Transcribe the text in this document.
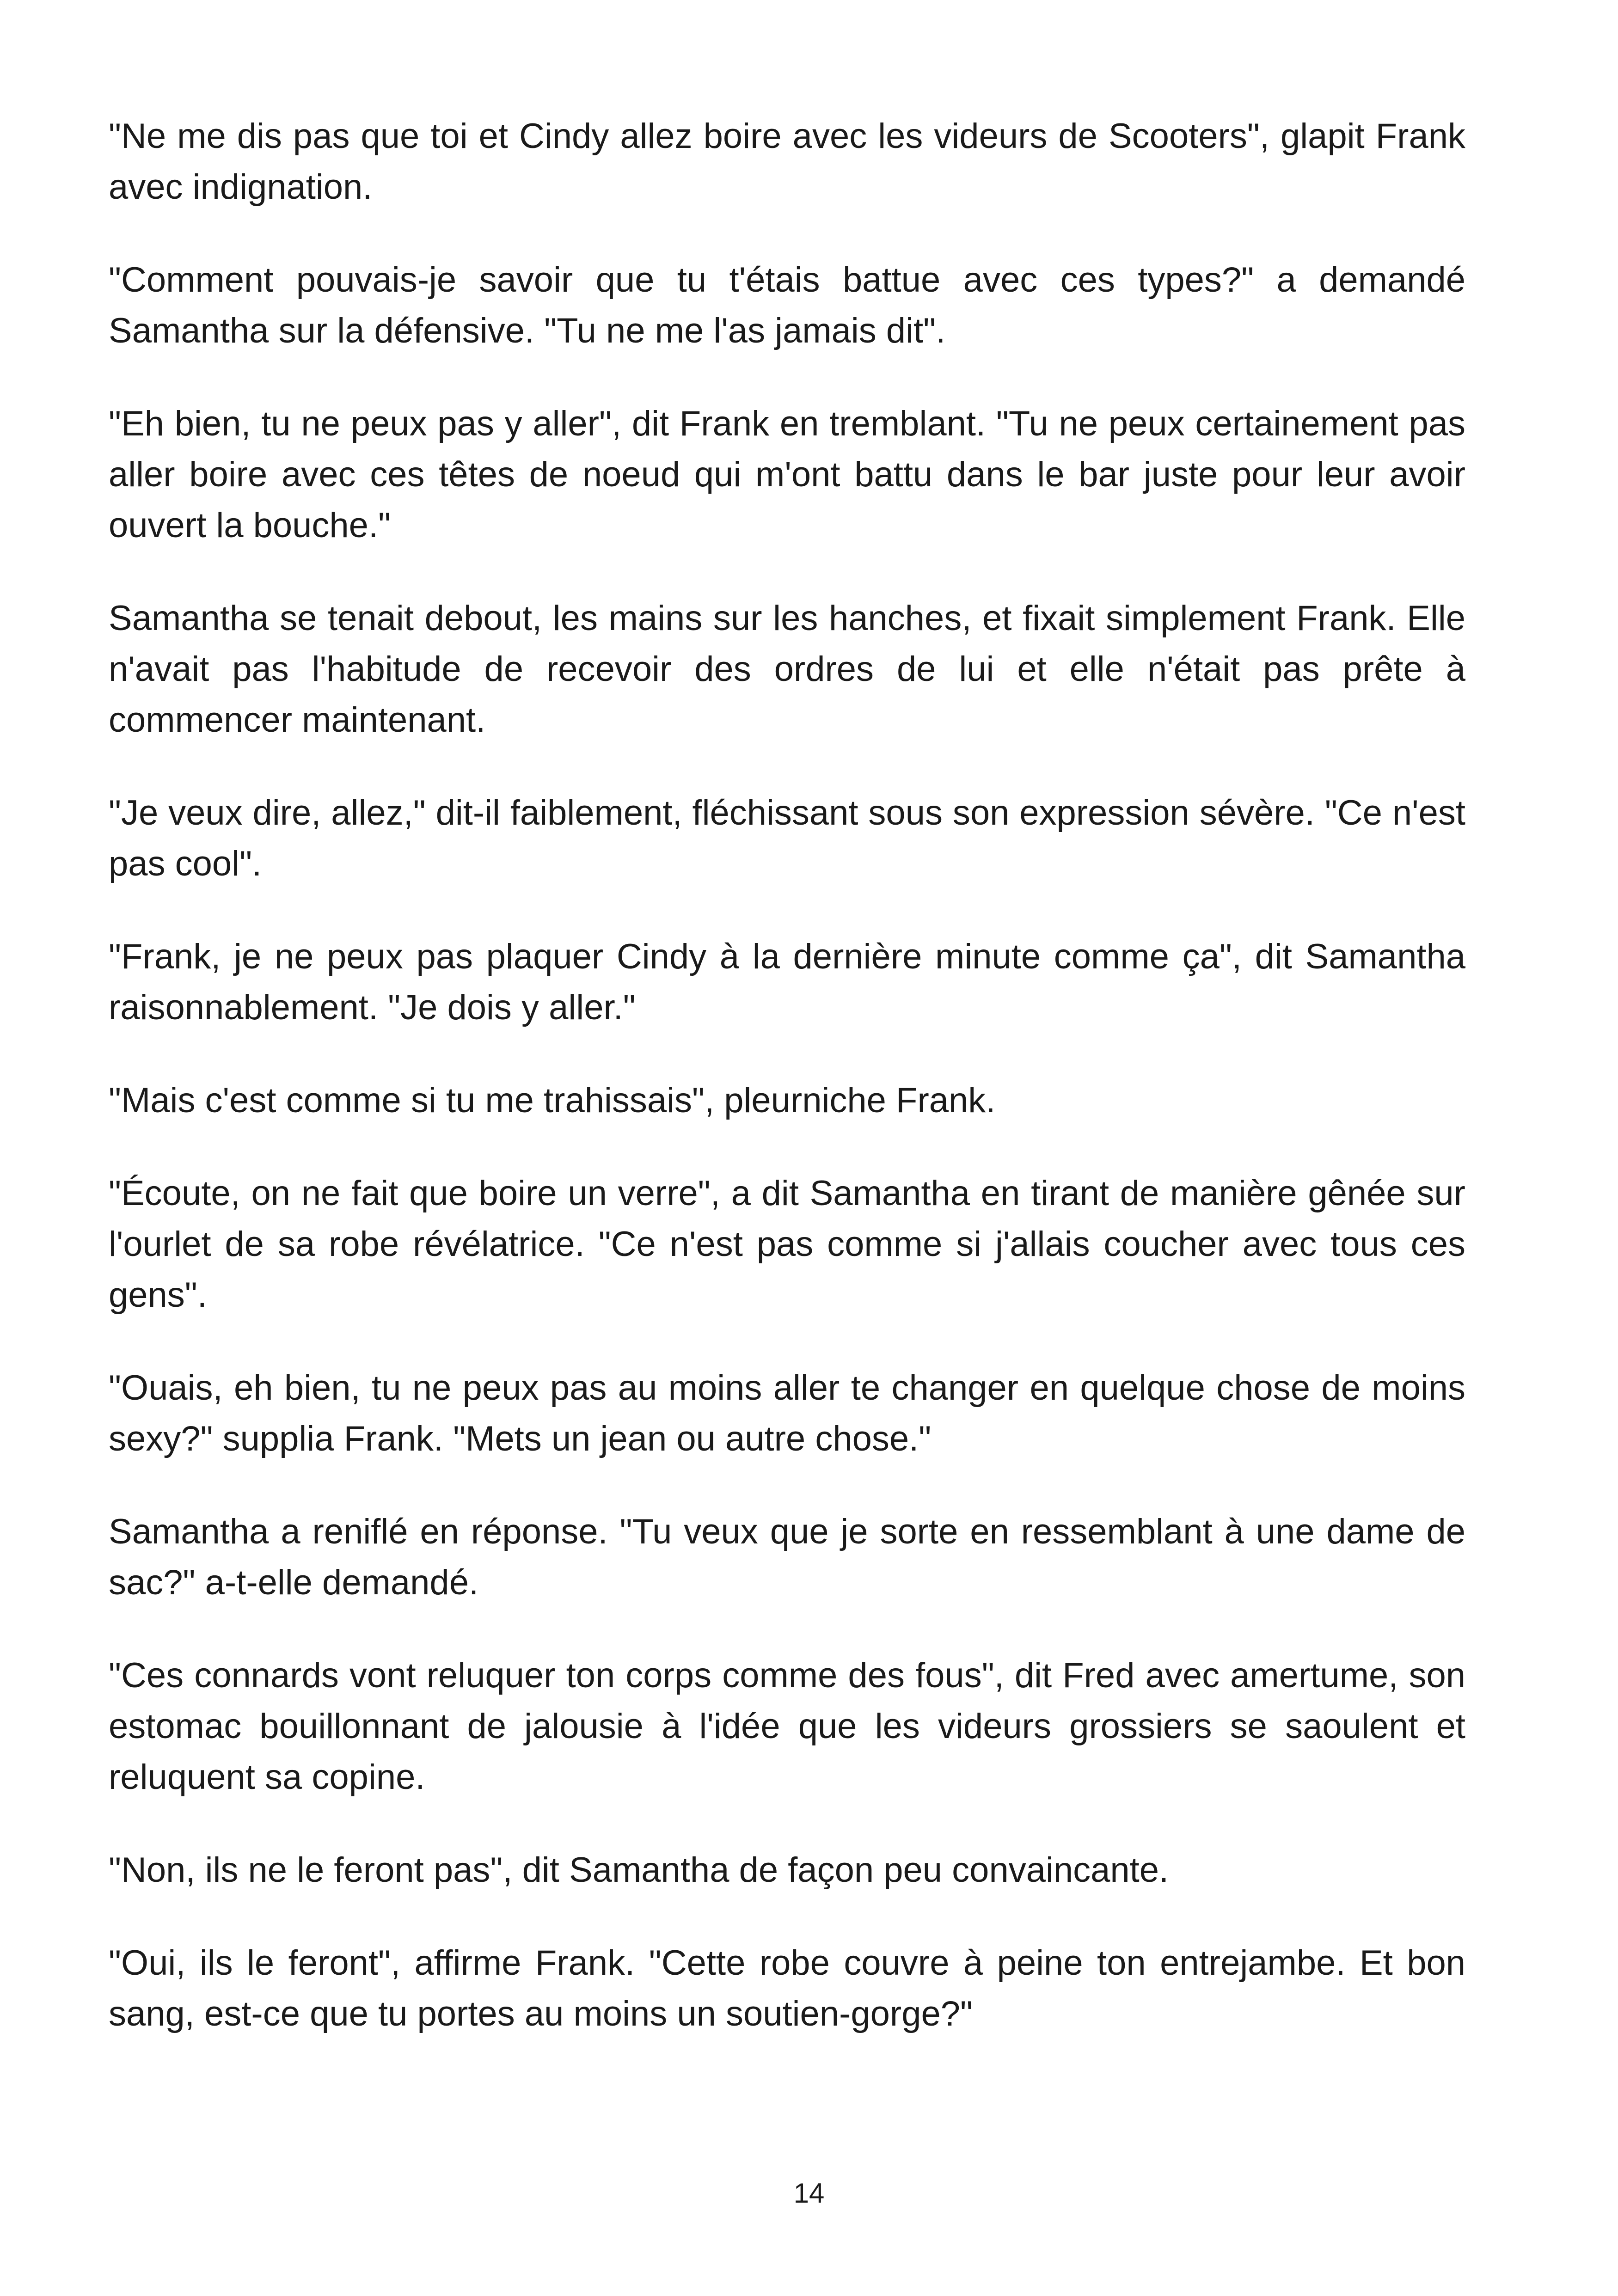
"Ne me dis pas que toi et Cindy allez boire avec les videurs de Scooters", glapit Frank avec indignation.

"Comment pouvais-je savoir que tu t'étais battue avec ces types?" a demandé Samantha sur la défensive. "Tu ne me l'as jamais dit".

"Eh bien, tu ne peux pas y aller", dit Frank en tremblant. "Tu ne peux certainement pas aller boire avec ces têtes de noeud qui m'ont battu dans le bar juste pour leur avoir ouvert la bouche."

Samantha se tenait debout, les mains sur les hanches, et fixait simplement Frank. Elle n'avait pas l'habitude de recevoir des ordres de lui et elle n'était pas prête à commencer maintenant.

"Je veux dire, allez," dit-il faiblement, fléchissant sous son expression sévère. "Ce n'est pas cool".

"Frank, je ne peux pas plaquer Cindy à la dernière minute comme ça", dit Samantha raisonnablement. "Je dois y aller."

"Mais c'est comme si tu me trahissais", pleurniche Frank.

"Écoute, on ne fait que boire un verre", a dit Samantha en tirant de manière gênée sur l'ourlet de sa robe révélatrice. "Ce n'est pas comme si j'allais coucher avec tous ces gens".

"Ouais, eh bien, tu ne peux pas au moins aller te changer en quelque chose de moins sexy?" supplia Frank. "Mets un jean ou autre chose."

Samantha a reniflé en réponse. "Tu veux que je sorte en ressemblant à une dame de sac?" a-t-elle demandé.

"Ces connards vont reluquer ton corps comme des fous", dit Fred avec amertume, son estomac bouillonnant de jalousie à l'idée que les videurs grossiers se saoulent et reluquent sa copine.

"Non, ils ne le feront pas", dit Samantha de façon peu convaincante.

"Oui, ils le feront", affirme Frank. "Cette robe couvre à peine ton entrejambe. Et bon sang, est-ce que tu portes au moins un soutien-gorge?"

14
